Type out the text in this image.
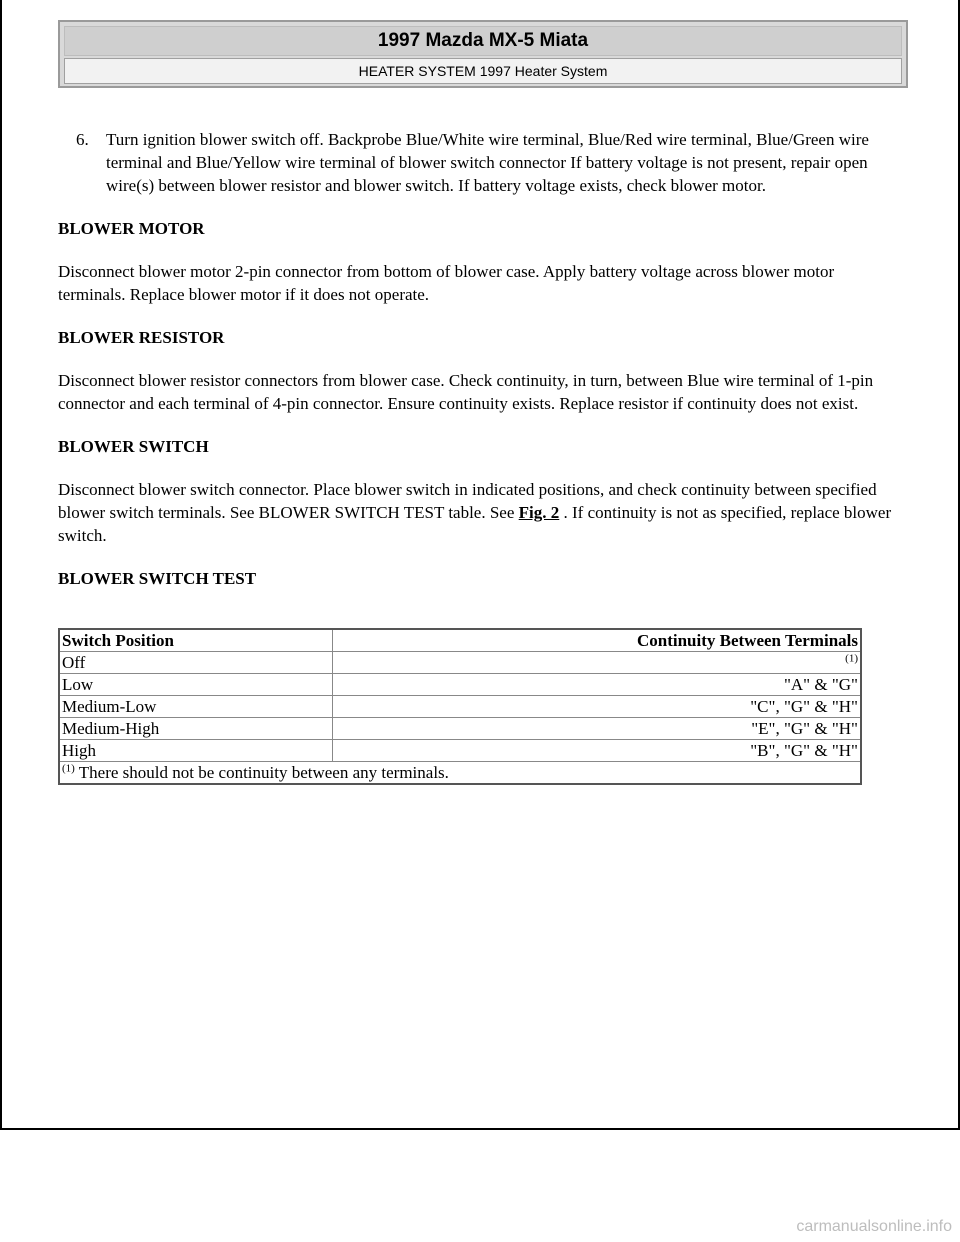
1997 Mazda MX-5 Miata
HEATER SYSTEM 1997 Heater System
6.	Turn ignition blower switch off. Backprobe Blue/White wire terminal, Blue/Red wire terminal, Blue/Green wire terminal and Blue/Yellow wire terminal of blower switch connector If battery voltage is not present, repair open wire(s) between blower resistor and blower switch. If battery voltage exists, check blower motor.
BLOWER MOTOR
Disconnect blower motor 2-pin connector from bottom of blower case. Apply battery voltage across blower motor terminals. Replace blower motor if it does not operate.
BLOWER RESISTOR
Disconnect blower resistor connectors from blower case. Check continuity, in turn, between Blue wire terminal of 1-pin connector and each terminal of 4-pin connector. Ensure continuity exists. Replace resistor if continuity does not exist.
BLOWER SWITCH
Disconnect blower switch connector. Place blower switch in indicated positions, and check continuity between specified blower switch terminals. See BLOWER SWITCH TEST table. See Fig. 2 . If continuity is not as specified, replace blower switch.
BLOWER SWITCH TEST
Switch Position	Continuity Between Terminals
Off	$^{(1)}$
Low	"A" & "G"
Medium-Low	"C", "G" & "H"
Medium-High	"E", "G" & "H"
High	"B", "G" & "H"
$^{(1)}$ There should not be continuity between any terminals.	
carmanualsonline.info
